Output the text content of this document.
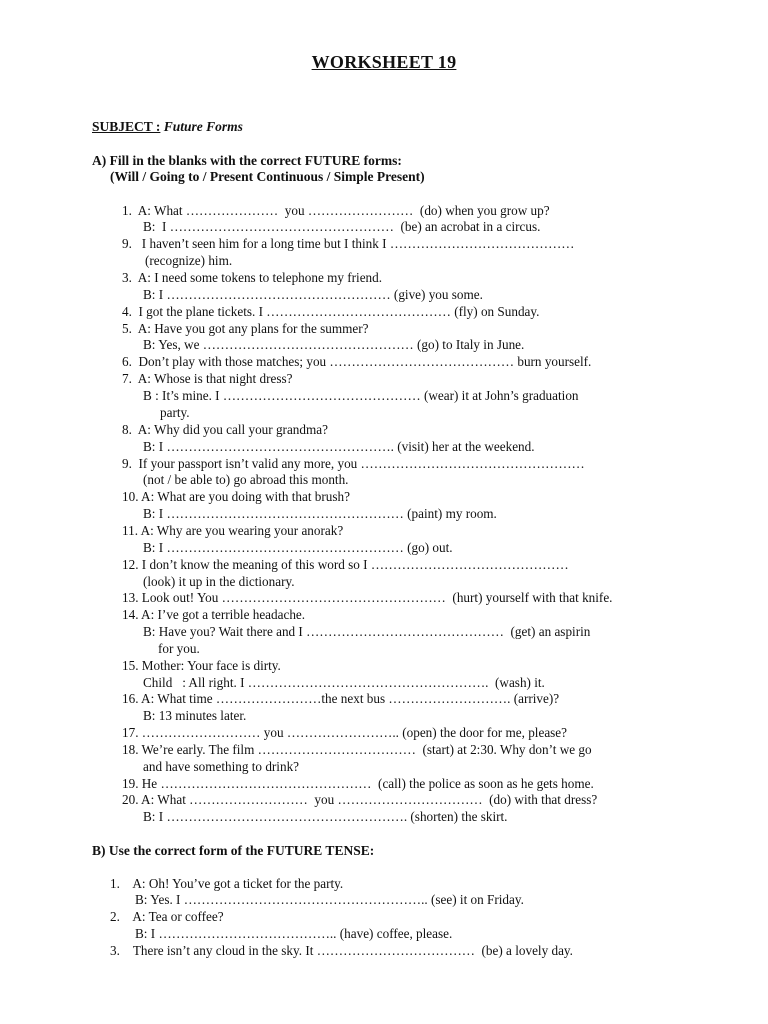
WORKSHEET 19
SUBJECT : Future Forms
A) Fill in the blanks with the correct FUTURE forms:
(Will / Going to / Present Continuous / Simple Present)
1.  A: What …………………  you ……………………  (do) when you grow up?
B:  I ……………………………………………  (be) an acrobat in a circus.
9.   I haven’t seen him for a long time but I think I ……………………………………
(recognize) him.
3.  A: I need some tokens to telephone my friend.
B: I …………………………………………… (give) you some.
4.  I got the plane tickets. I …………………………………… (fly) on Sunday.
5.  A: Have you got any plans for the summer?
B: Yes, we ………………………………………… (go) to Italy in June.
6.  Don’t play with those matches; you …………………………………… burn yourself.
7.  A: Whose is that night dress?
B : It’s mine. I ……………………………………… (wear) it at John’s graduation
party.
8.  A: Why did you call your grandma?
B: I ……………………………………………. (visit) her at the weekend.
9.  If your passport isn’t valid any more, you ……………………………………………
(not / be able to) go abroad this month.
10. A: What are you doing with that brush?
B: I ……………………………………………… (paint) my room.
11. A: Why are you wearing your anorak?
B: I ……………………………………………… (go) out.
12. I don’t know the meaning of this word so I ………………………………………
(look) it up in the dictionary.
13. Look out! You ……………………………………………  (hurt) yourself with that knife.
14. A: I’ve got a terrible headache.
B: Have you? Wait there and I ………………………………………  (get) an aspirin
for you.
15. Mother: Your face is dirty.
Child   : All right. I ……………………………………………….  (wash) it.
16. A: What time ……………………the next bus ………………………. (arrive)?
B: 13 minutes later.
17. ……………………… you …………………….. (open) the door for me, please?
18. We’re early. The film ………………………………  (start) at 2:30. Why don’t we go
and have something to drink?
19. He …………………………………………  (call) the police as soon as he gets home.
20. A: What ………………………  you ……………………………  (do) with that dress?
B: I ………………………………………………. (shorten) the skirt.
B) Use the correct form of the FUTURE TENSE:
1.    A: Oh! You’ve got a ticket for the party.
B: Yes. I ……………………………………………….. (see) it on Friday.
2.    A: Tea or coffee?
B: I ………………………………….. (have) coffee, please.
3.    There isn’t any cloud in the sky. It ………………………………  (be) a lovely day.
